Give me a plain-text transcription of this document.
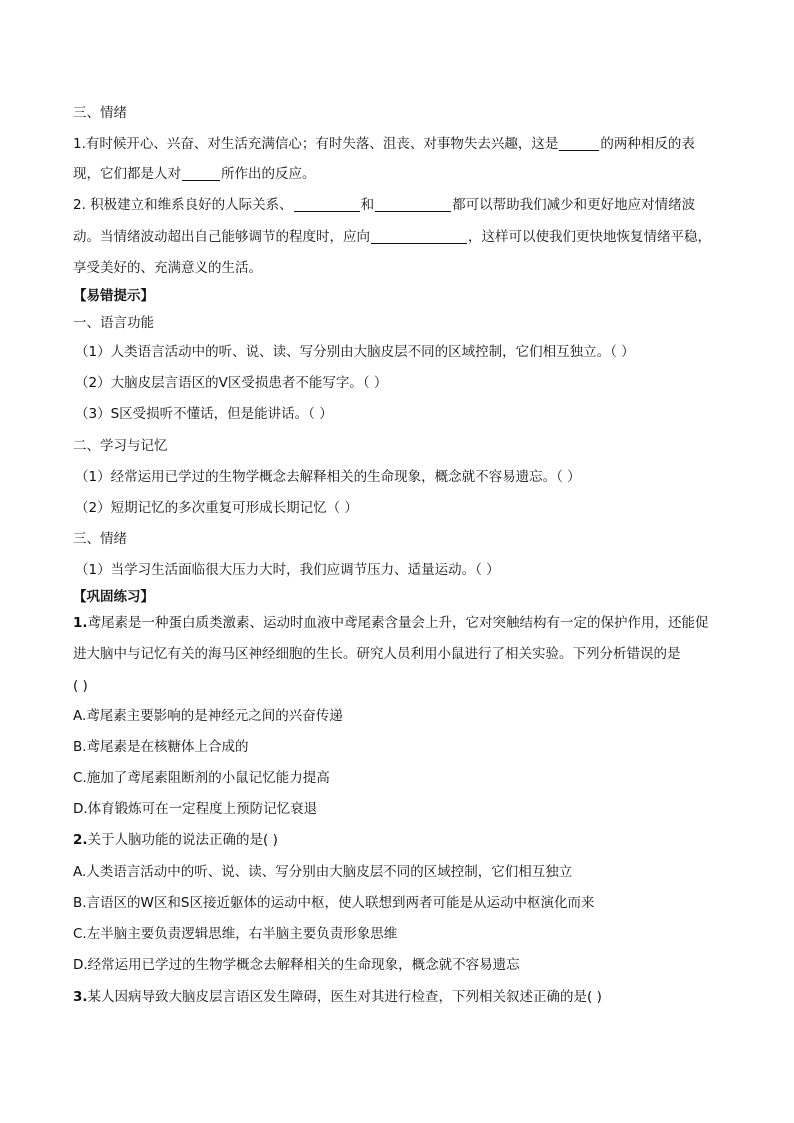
三、情绪
1.有时候开心、兴奋、对生活充满信心；有时失落、沮丧、对事物失去兴趣，这是	的两种相反的表
现，它们都是人对	所作出的反应。
2. 积极建立和维系良好的人际关系、	和	都可以帮助我们减少和更好地应对情绪波
动。当情绪波动超出自己能够调节的程度时，应向	，这样可以使我们更快地恢复情绪平稳，
享受美好的、充满意义的生活。
【易错提示】
一、语言功能
（1）人类语言活动中的听、说、读、写分别由大脑皮层不同的区域控制，它们相互独立。（ ）
（2）大脑皮层言语区的V区受损患者不能写字。（ ）
（3）S区受损听不懂话，但是能讲话。（ ）
二、学习与记忆
（1）经常运用已学过的生物学概念去解释相关的生命现象，概念就不容易遗忘。（ ）
（2）短期记忆的多次重复可形成长期记忆（ ）
三、情绪
（1）当学习生活面临很大压力大时，我们应调节压力、适量运动。（ ）
【巩固练习】
1.鸢尾素是一种蛋白质类激素、运动时血液中鸢尾素含量会上升，它对突触结构有一定的保护作用，还能促
进大脑中与记忆有关的海马区神经细胞的生长。研究人员利用小鼠进行了相关实验。下列分析错误的是
( )
A.鸢尾素主要影响的是神经元之间的兴奋传递
B.鸢尾素是在核糖体上合成的
C.施加了鸢尾素阻断剂的小鼠记忆能力提高
D.体育锻炼可在一定程度上预防记忆衰退
2.关于人脑功能的说法正确的是( )
A.人类语言活动中的听、说、读、写分别由大脑皮层不同的区域控制，它们相互独立
B.言语区的W区和S区接近躯体的运动中枢，使人联想到两者可能是从运动中枢演化而来
C.左半脑主要负责逻辑思维，右半脑主要负责形象思维
D.经常运用已学过的生物学概念去解释相关的生命现象，概念就不容易遗忘
3.某人因病导致大脑皮层言语区发生障碍，医生对其进行检查，下列相关叙述正确的是( )
